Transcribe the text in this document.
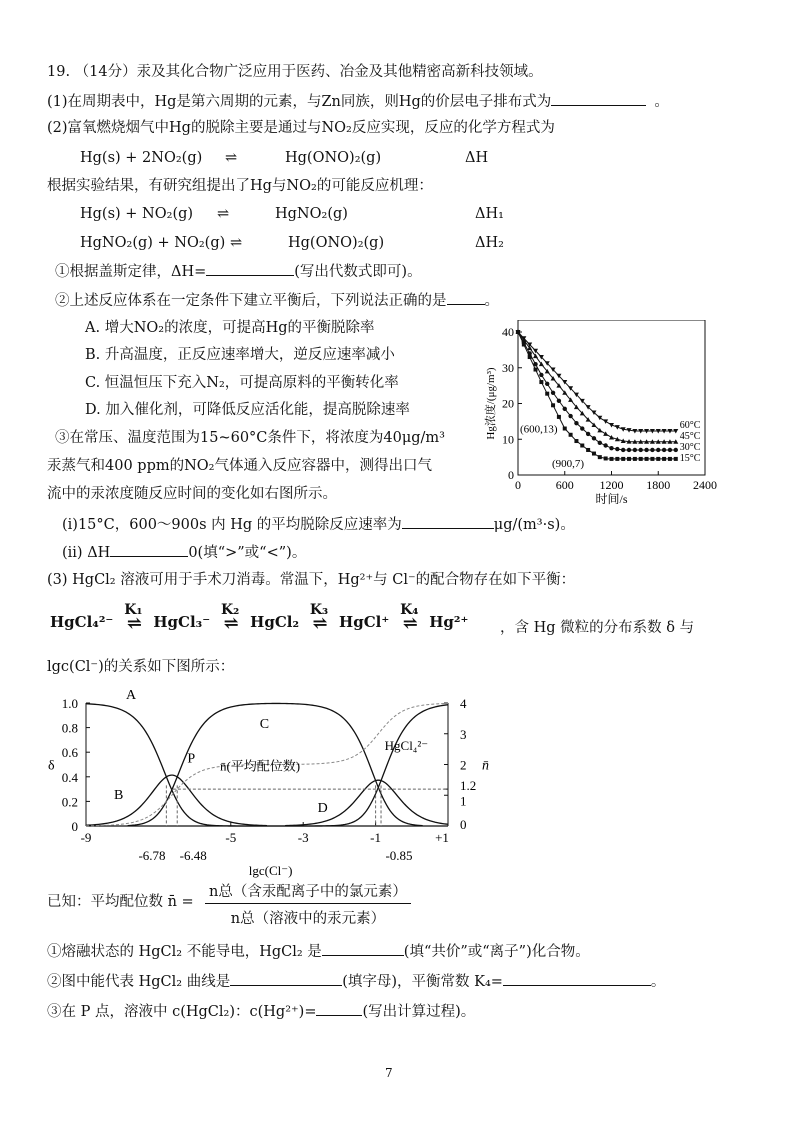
19. （14分）汞及其化合物广泛应用于医药、冶金及其他精密高新科技领域。
(1)在周期表中，Hg是第六周期的元素，与Zn同族，则Hg的价层电子排布式为	。
(2)富氧燃烧烟气中Hg的脱除主要是通过与NO₂反应实现，反应的化学方程式为
Hg(s) + 2NO₂(g) ⇌	Hg(ONO)₂(g)	ΔH
根据实验结果，有研究组提出了Hg与NO₂的可能反应机理：
Hg(s) + NO₂(g) ⇌	HgNO₂(g)	ΔH₁
HgNO₂(g) + NO₂(g) ⇌	Hg(ONO)₂(g)	ΔH₂
①根据盖斯定律，ΔH=	(写出代数式即可)。
②上述反应体系在一定条件下建立平衡后，下列说法正确的是	。
A. 增大NO₂的浓度，可提高Hg的平衡脱除率
B. 升高温度，正反应速率增大，逆反应速率减小
C. 恒温恒压下充入N₂，可提高原料的平衡转化率
D. 加入催化剂，可降低反应活化能，提高脱除速率
③在常压、温度范围为15~60°C条件下，将浓度为40μg/m³
汞蒸气和400 ppm的NO₂气体通入反应容器中，测得出口气
流中的汞浓度随反应时间的变化如右图所示。
(i)15°C，600～900s 内 Hg 的平均脱除反应速率为	μg/(m³·s)。
(ii) ΔH	0(填“>”或“<”)。
(3) HgCl₂ 溶液可用于手术刀消毒。常温下，Hg²⁺与 Cl⁻的配合物存在如下平衡：
HgCl₄²⁻
K₁
⇌ HgCl₃⁻
K₂
⇌ HgCl₂
K₃
⇌ HgCl⁺
K₄
⇌ Hg²⁺ ，含 Hg 微粒的分布系数 δ 与
lgc(Cl⁻)的关系如下图所示：
0	600 1200 1800 2400
0
10
20
30
40
时间/s
Hg浓度/(μg/m³)	60°C
45°C
30°C
15°C
(600,13)
(900,7)
0
0.2
0.4
0.6
0.8
1.0
0
1
1.2
2
3
4
-9	-5	-3	-1	+1
-6.78 -6.48	-0.85
lgc(Cl⁻)
δ	n̄
A
B
C
D
HgCl₄²⁻
P n̄(平均配位数)
已知：平均配位数 n̄ =
n总（含汞配离子中的氯元素）
n总（溶液中的汞元素）
①熔融状态的 HgCl₂ 不能导电，HgCl₂ 是	(填“共价”或“离子”)化合物。
②图中能代表 HgCl₂ 曲线是	(填字母)，平衡常数 K₄=	。
③在 P 点，溶液中 c(HgCl₂)：c(Hg²⁺)=	(写出计算过程)。
7
